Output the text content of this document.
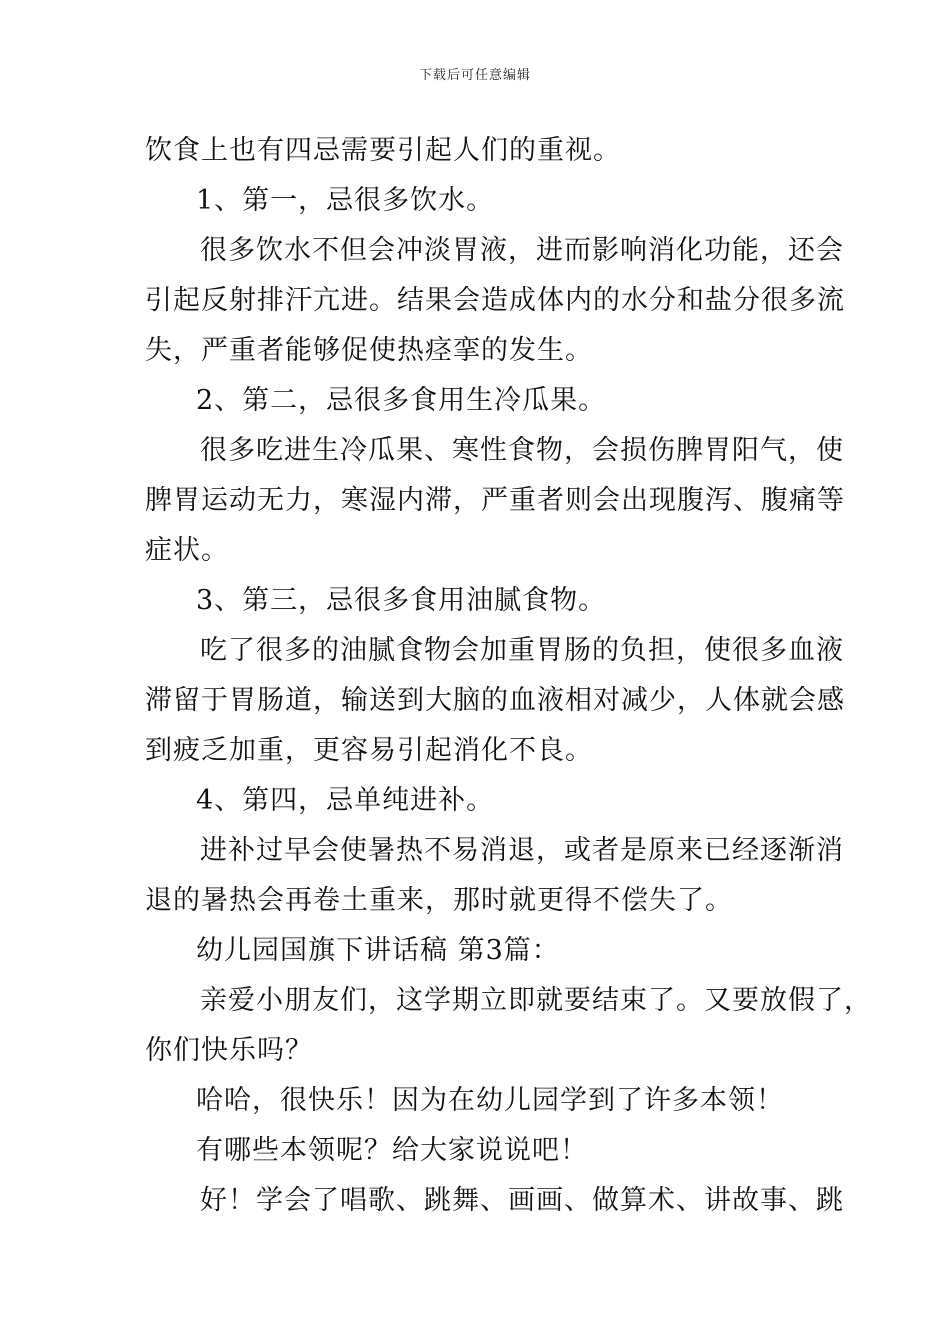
下载后可任意编辑
饮食上也有四忌需要引起人们的重视。
1、第一，忌很多饮水。
很多饮水不但会冲淡胃液，进而影响消化功能，还会
引起反射排汗亢进。结果会造成体内的水分和盐分很多流
失，严重者能够促使热痉挛的发生。
2、第二，忌很多食用生冷瓜果。
很多吃进生冷瓜果、寒性食物，会损伤脾胃阳气，使
脾胃运动无力，寒湿内滞，严重者则会出现腹泻、腹痛等
症状。
3、第三，忌很多食用油腻食物。
吃了很多的油腻食物会加重胃肠的负担，使很多血液
滞留于胃肠道，输送到大脑的血液相对减少，人体就会感
到疲乏加重，更容易引起消化不良。
4、第四，忌单纯进补。
进补过早会使暑热不易消退，或者是原来已经逐渐消
退的暑热会再卷土重来，那时就更得不偿失了。
幼儿园国旗下讲话稿 第3篇：
亲爱小朋友们，这学期立即就要结束了。又要放假了，
你们快乐吗？
哈哈，很快乐！因为在幼儿园学到了许多本领！
有哪些本领呢？给大家说说吧！
好！学会了唱歌、跳舞、画画、做算术、讲故事、跳
